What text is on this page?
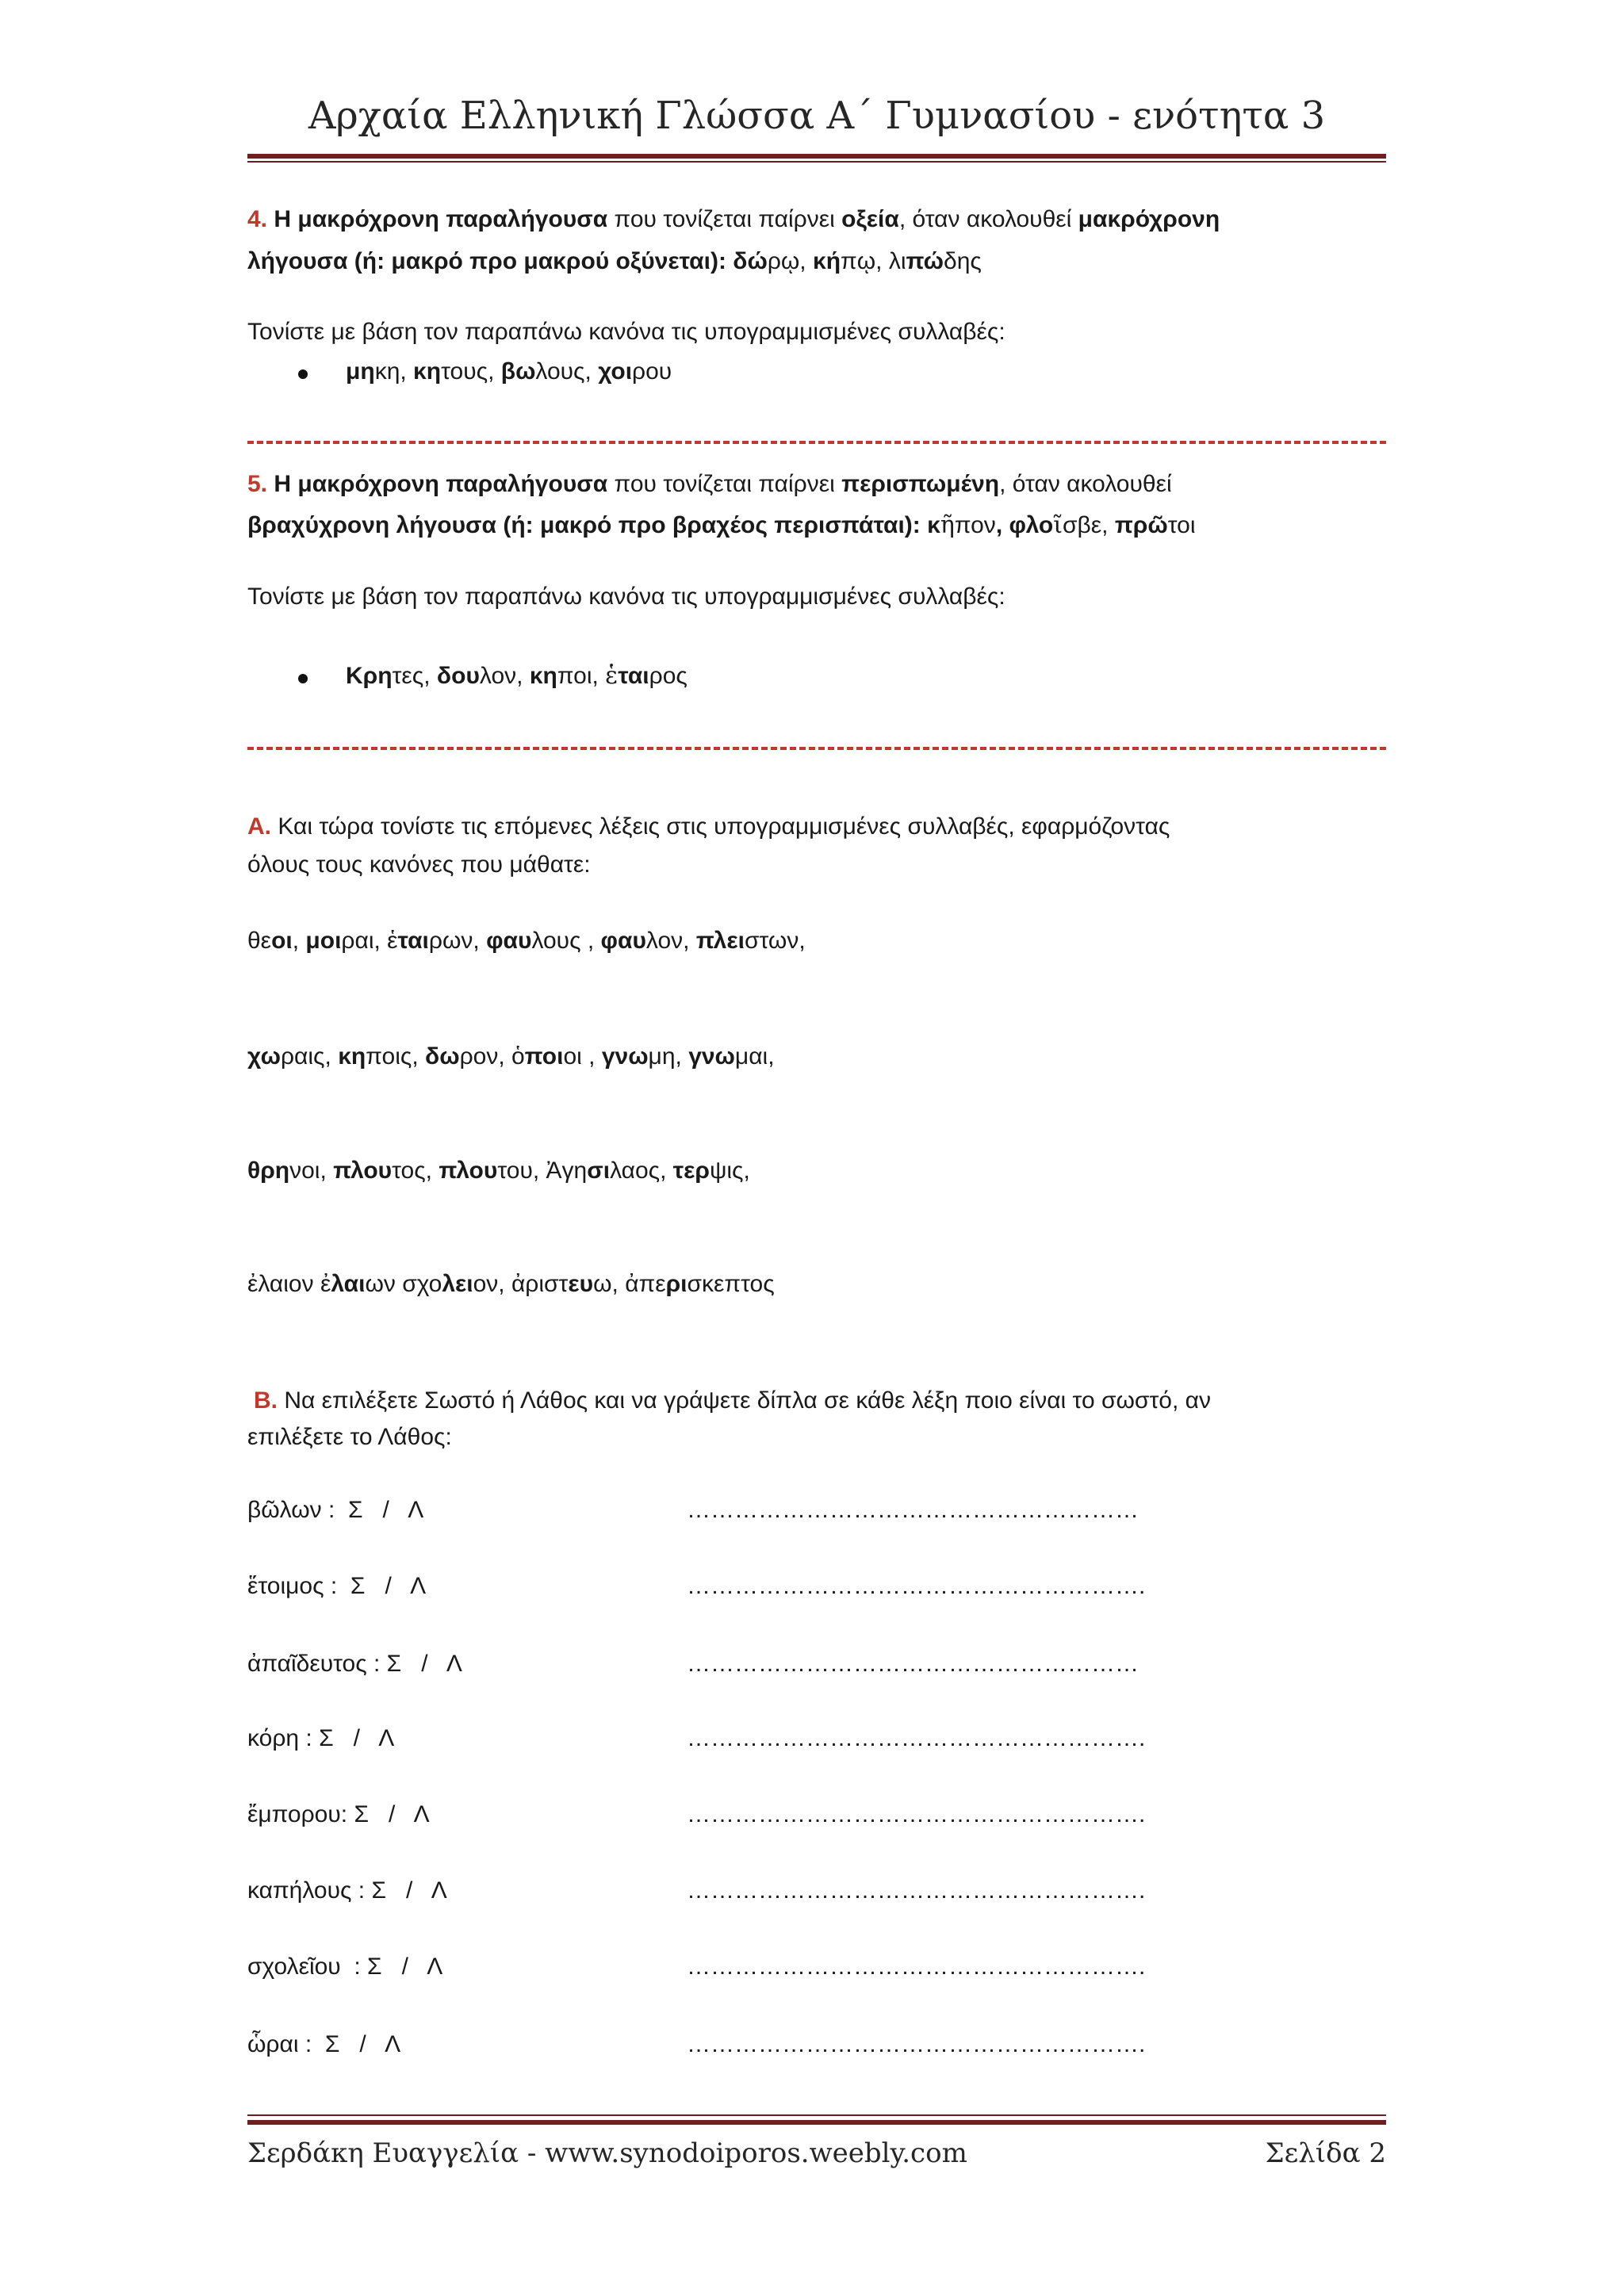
Αρχαία Ελληνική Γλώσσα Α΄ Γυμνασίου - ενότητα 3
4. Η μακρόχρονη παραλήγουσα που τονίζεται παίρνει οξεία, όταν ακολουθεί μακρόχρονη
λήγουσα (ή: μακρό προ μακρού οξύνεται): δώρῳ, κήπῳ, λιπώδης
Τονίστε με βάση τον παραπάνω κανόνα τις υπογραμμισμένες συλλαβές:
μηκη, κητους, βωλους, χοιρου
5. Η μακρόχρονη παραλήγουσα που τονίζεται παίρνει περισπωμένη, όταν ακολουθεί
βραχύχρονη λήγουσα (ή: μακρό προ βραχέος περισπάται): κῆπον, φλοῖσβε, πρῶτοι
Τονίστε με βάση τον παραπάνω κανόνα τις υπογραμμισμένες συλλαβές:
Κρητες, δουλον, κηποι, ἑταιρος
Α. Και τώρα τονίστε τις επόμενες λέξεις στις υπογραμμισμένες συλλαβές, εφαρμόζοντας
όλους τους κανόνες που μάθατε:
θεοι, μοιραι, ἑταιρων, φαυλους , φαυλον, πλειστων,
χωραις, κηποις, δωρον, ὁποιοι , γνωμη, γνωμαι,
θρηνοι, πλουτος, πλουτου, Ἀγησιλαος, τερψις,
ἐλαιον ἐλαιων σχολειον, ἀριστευω, ἀπερισκεπτος
Β. Να επιλέξετε Σωστό ή Λάθος και να γράψετε δίπλα σε κάθε λέξη ποιο είναι το σωστό, αν
επιλέξετε το Λάθος:
βῶλων :  Σ   /   Λ	…………………………………………………
ἕτοιμος :  Σ   /   Λ	………………………………………………….
ἀπαῖδευτος : Σ   /   Λ	…………………………………………………
κόρη : Σ   /   Λ	………………………………………………….
ἔμπορου: Σ   /   Λ	………………………………………………….
καπήλους : Σ   /   Λ	………………………………………………….
σχολεῖου  : Σ   /   Λ	………………………………………………….
ὧραι :  Σ   /   Λ	………………………………………………….
Σερδάκη Ευαγγελία - www.synodoiporos.weebly.com	Σελίδα 2
